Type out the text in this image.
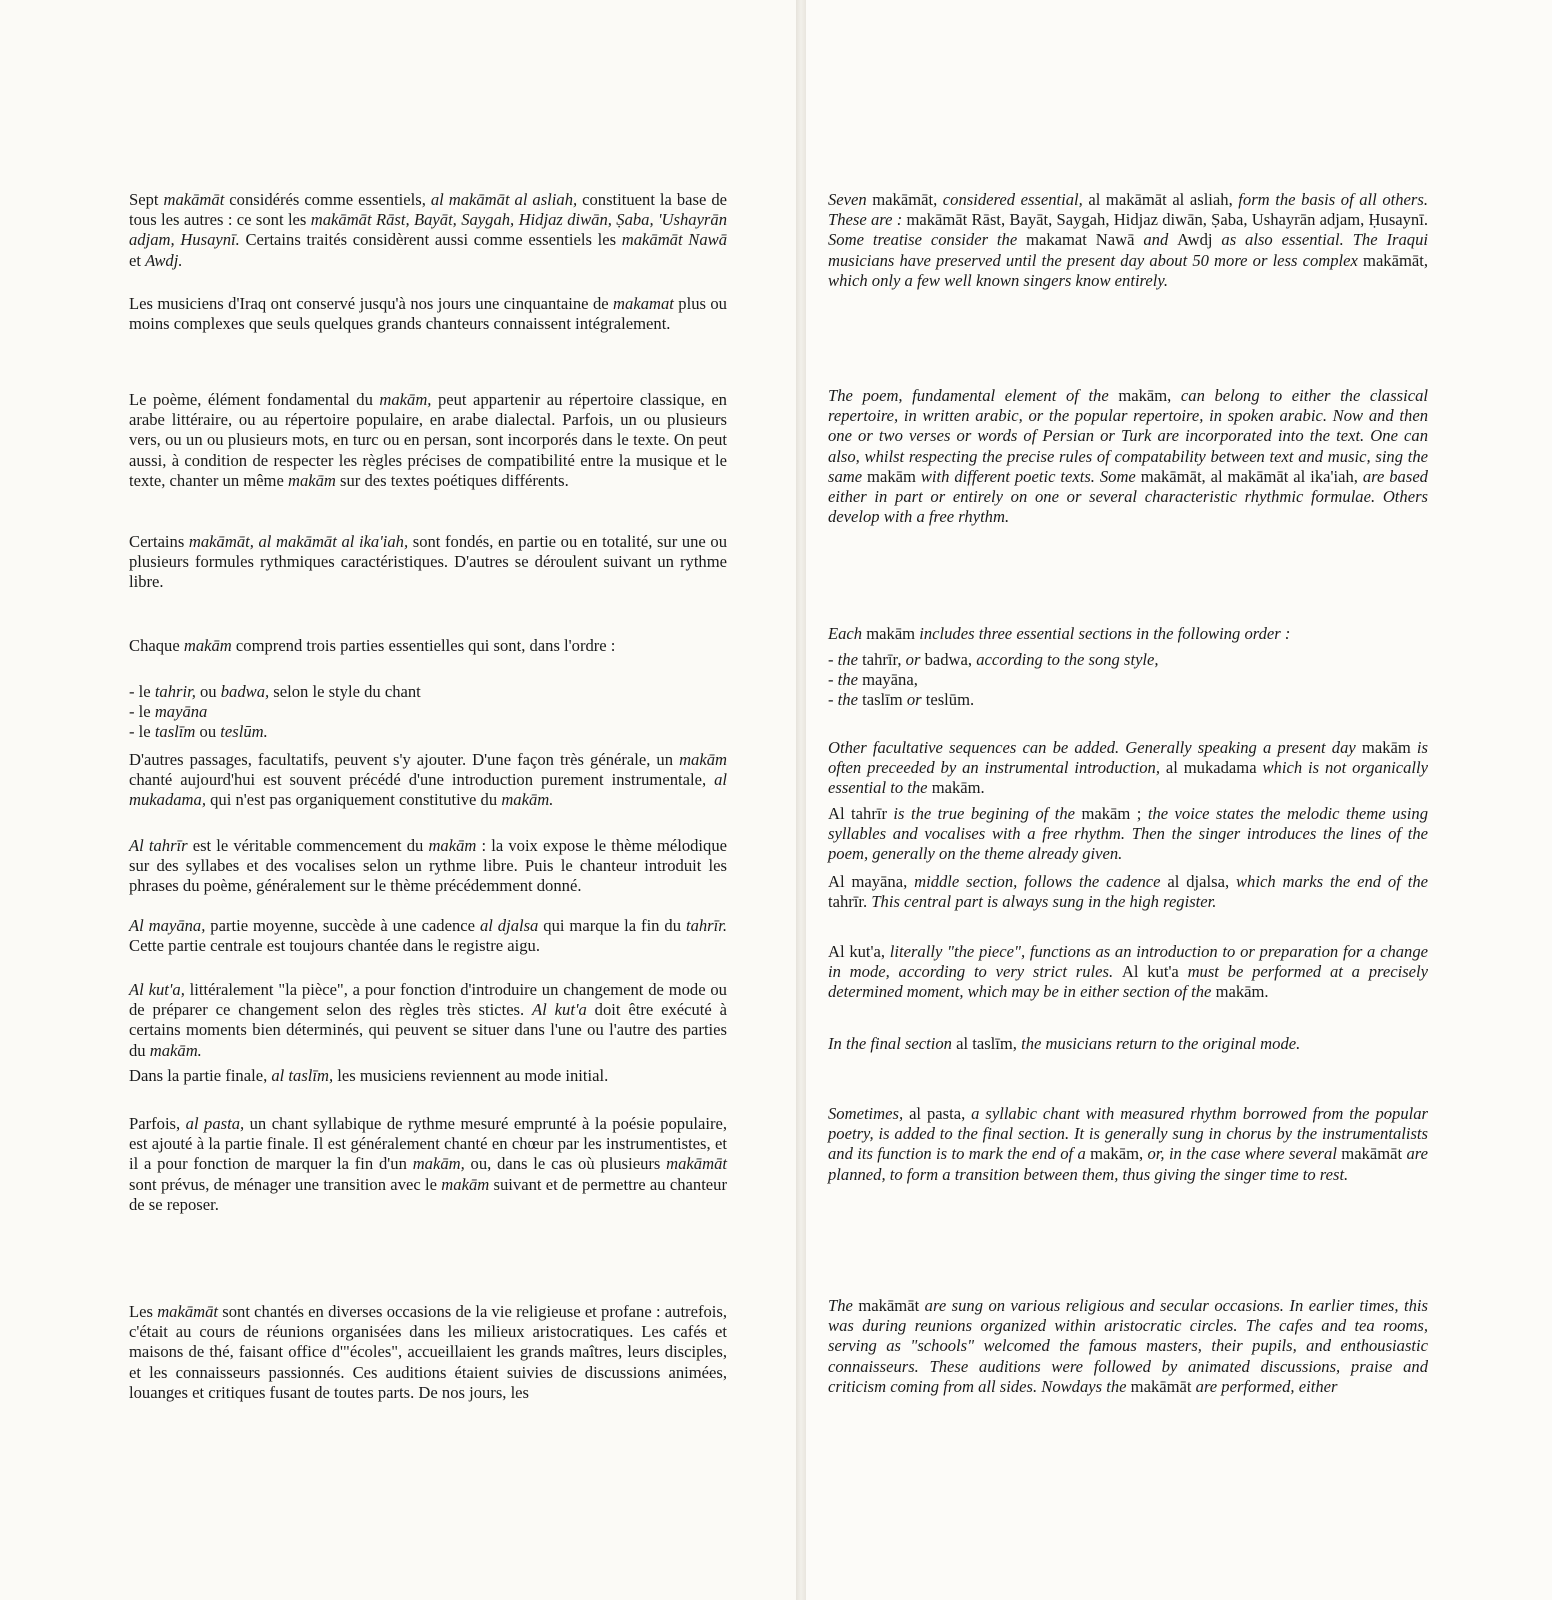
Sept makāmāt considérés comme essentiels, al makāmāt al asliah, constituent la base de tous les autres : ce sont les makāmāt Rāst, Bayāt, Saygah, Hidjaz diwān, Ṣaba, 'Ushayrān adjam, Husaynī. Certains traités considèrent aussi comme essentiels les makāmāt Nawā et Awdj.

Les musiciens d'Iraq ont conservé jusqu'à nos jours une cinquantaine de makamat plus ou moins complexes que seuls quelques grands chanteurs connaissent intégralement.

Le poème, élément fondamental du makām, peut appartenir au répertoire classique, en arabe littéraire, ou au répertoire populaire, en arabe dialectal. Parfois, un ou plusieurs vers, ou un ou plusieurs mots, en turc ou en persan, sont incorporés dans le texte. On peut aussi, à condition de respecter les règles précises de compatibilité entre la musique et le texte, chanter un même makām sur des textes poétiques différents.

Certains makāmāt, al makāmāt al ika'iah, sont fondés, en partie ou en totalité, sur une ou plusieurs formules rythmiques caractéristiques. D'autres se déroulent suivant un rythme libre.

Chaque makām comprend trois parties essentielles qui sont, dans l'ordre :

- le tahrir, ou badwa, selon le style du chant
- le mayāna
- le taslīm ou teslūm.

D'autres passages, facultatifs, peuvent s'y ajouter. D'une façon très générale, un makām chanté aujourd'hui est souvent précédé d'une introduction purement instrumentale, al mukadama, qui n'est pas organiquement constitutive du makām.

Al tahrīr est le véritable commencement du makām : la voix expose le thème mélodique sur des syllabes et des vocalises selon un rythme libre. Puis le chanteur introduit les phrases du poème, généralement sur le thème précédemment donné.

Al mayāna, partie moyenne, succède à une cadence al djalsa qui marque la fin du tahrīr. Cette partie centrale est toujours chantée dans le registre aigu.

Al kut'a, littéralement "la pièce", a pour fonction d'introduire un changement de mode ou de préparer ce changement selon des règles très stictes. Al kut'a doit être exécuté à certains moments bien déterminés, qui peuvent se situer dans l'une ou l'autre des parties du makām.

Dans la partie finale, al taslīm, les musiciens reviennent au mode initial.

Parfois, al pasta, un chant syllabique de rythme mesuré emprunté à la poésie populaire, est ajouté à la partie finale. Il est généralement chanté en chœur par les instrumentistes, et il a pour fonction de marquer la fin d'un makām, ou, dans le cas où plusieurs makāmāt sont prévus, de ménager une transition avec le makām suivant et de permettre au chanteur de se reposer.

Les makāmāt sont chantés en diverses occasions de la vie religieuse et profane : autrefois, c'était au cours de réunions organisées dans les milieux aristocratiques. Les cafés et maisons de thé, faisant office d'"écoles", accueillaient les grands maîtres, leurs disciples, et les connaisseurs passionnés. Ces auditions étaient suivies de discussions animées, louanges et critiques fusant de toutes parts. De nos jours, les

Seven makāmāt, considered essential, al makāmāt al asliah, form the basis of all others. These are : makāmāt Rāst, Bayāt, Saygah, Hidjaz diwān, Ṣaba, Ushayrān adjam, Ḥusaynī. Some treatise consider the makamat Nawā and Awdj as also essential. The Iraqui musicians have preserved until the present day about 50 more or less complex makāmāt, which only a few well known singers know entirely.

The poem, fundamental element of the makām, can belong to either the classical repertoire, in written arabic, or the popular repertoire, in spoken arabic. Now and then one or two verses or words of Persian or Turk are incorporated into the text. One can also, whilst respecting the precise rules of compatability between text and music, sing the same makām with different poetic texts. Some makāmāt, al makāmāt al ika'iah, are based either in part or entirely on one or several characteristic rhythmic formulae. Others develop with a free rhythm.

Each makām includes three essential sections in the following order :

- the tahrīr, or badwa, according to the song style,
- the mayāna,
- the taslīm or teslūm.

Other facultative sequences can be added. Generally speaking a present day makām is often preceeded by an instrumental introduction, al mukadama which is not organically essential to the makām.

Al tahrīr is the true begining of the makām ; the voice states the melodic theme using syllables and vocalises with a free rhythm. Then the singer introduces the lines of the poem, generally on the theme already given.

Al mayāna, middle section, follows the cadence al djalsa, which marks the end of the tahrīr. This central part is always sung in the high register.

Al kut'a, literally "the piece", functions as an introduction to or preparation for a change in mode, according to very strict rules. Al kut'a must be performed at a precisely determined moment, which may be in either section of the makām.

In the final section al taslīm, the musicians return to the original mode.

Sometimes, al pasta, a syllabic chant with measured rhythm borrowed from the popular poetry, is added to the final section. It is generally sung in chorus by the instrumentalists and its function is to mark the end of a makām, or, in the case where several makāmāt are planned, to form a transition between them, thus giving the singer time to rest.

The makāmāt are sung on various religious and secular occasions. In earlier times, this was during reunions organized within aristocratic circles. The cafes and tea rooms, serving as "schools" welcomed the famous masters, their pupils, and enthousiastic connaisseurs. These auditions were followed by animated discussions, praise and criticism coming from all sides. Nowdays the makāmāt are performed, either
